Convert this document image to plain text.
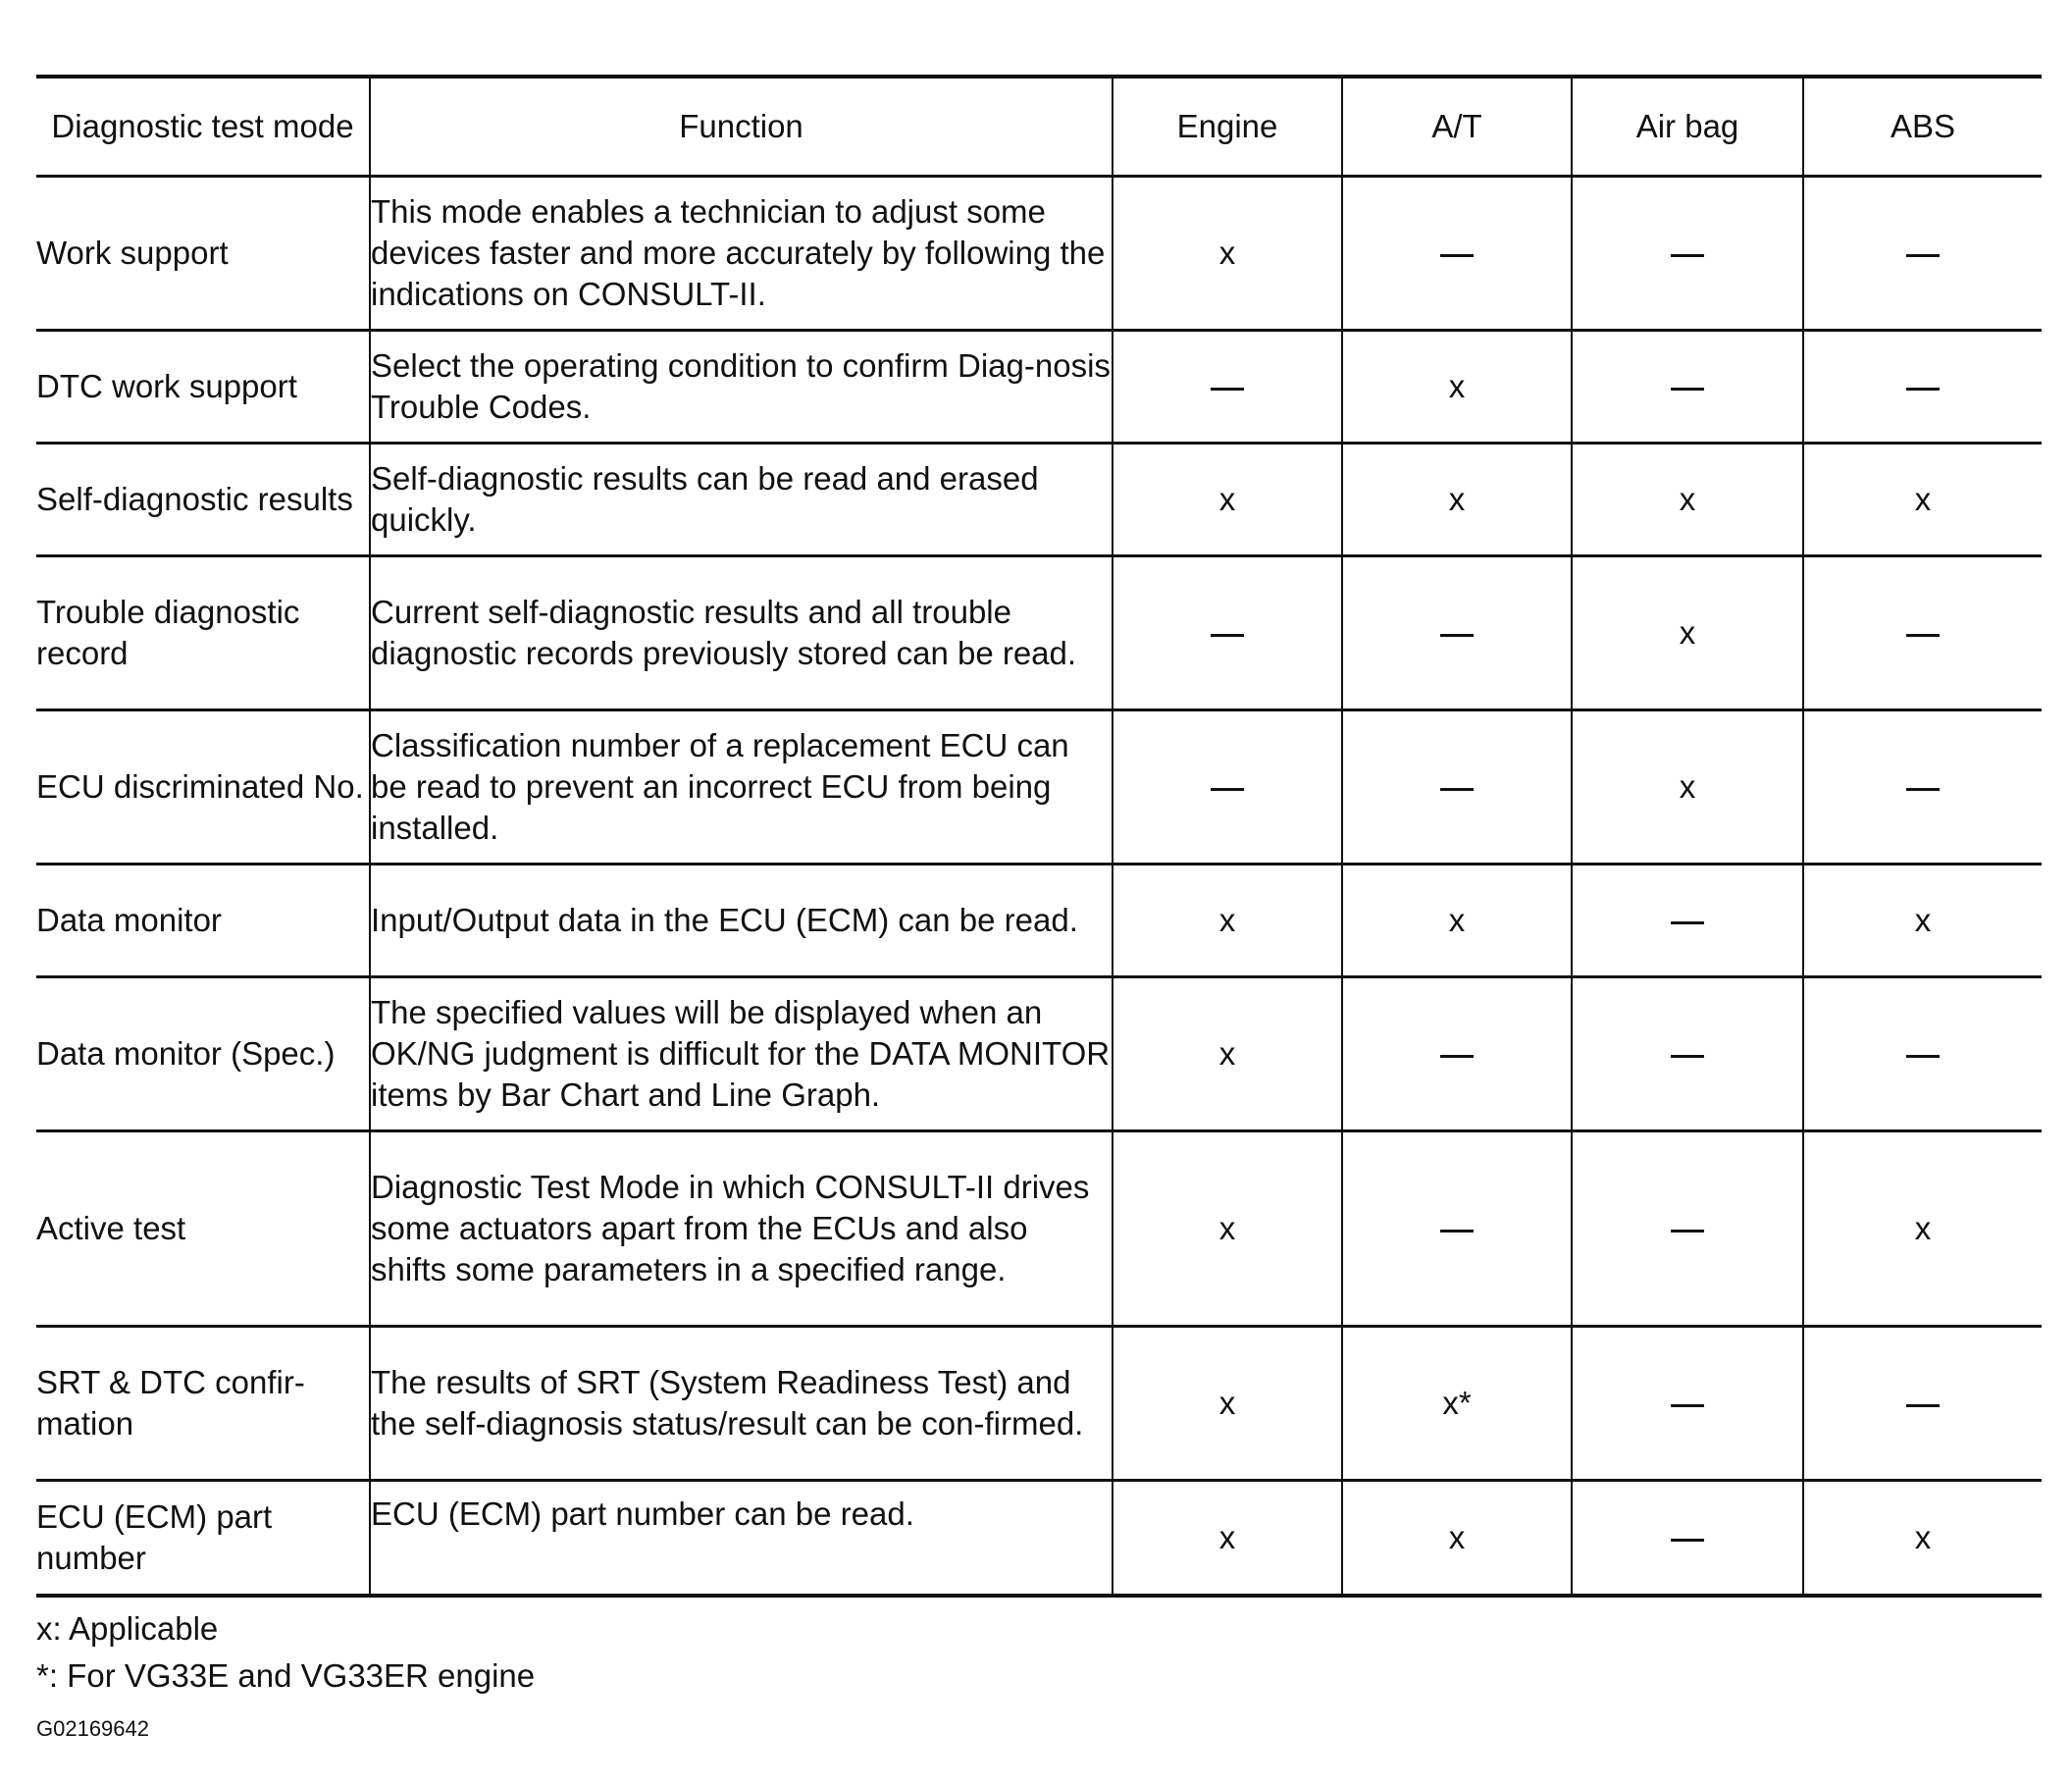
Diagnostic test mode	Function	Engine	A/T	Air bag	ABS
Work support	This mode enables a technician to adjust some devices faster and more accurately by following the indications on CONSULT-II.	x			
DTC work support	Select the operating condition to confirm Diag-nosis Trouble Codes.		x		
Self-diagnostic results	Self-diagnostic results can be read and erased quickly.	x	x	x	x
Trouble diagnostic record	Current self-diagnostic results and all trouble diagnostic records previously stored can be read.			x	
ECU discriminated No.	Classification number of a replacement ECU can be read to prevent an incorrect ECU from being installed.			x	
Data monitor	Input/Output data in the ECU (ECM) can be read.	x	x		x
Data monitor (Spec.)	The specified values will be displayed when an OK/NG judgment is difficult for the DATA MONITOR items by Bar Chart and Line Graph.	x			
Active test	Diagnostic Test Mode in which CONSULT-II drives some actuators apart from the ECUs and also shifts some parameters in a specified range.	x			x
SRT & DTC confir-mation	The results of SRT (System Readiness Test) and the self-diagnosis status/result can be con-firmed.	x	x*		
ECU (ECM) part number	ECU (ECM) part number can be read.	x	x		x
x: Applicable
*: For VG33E and VG33ER engine
G02169642
